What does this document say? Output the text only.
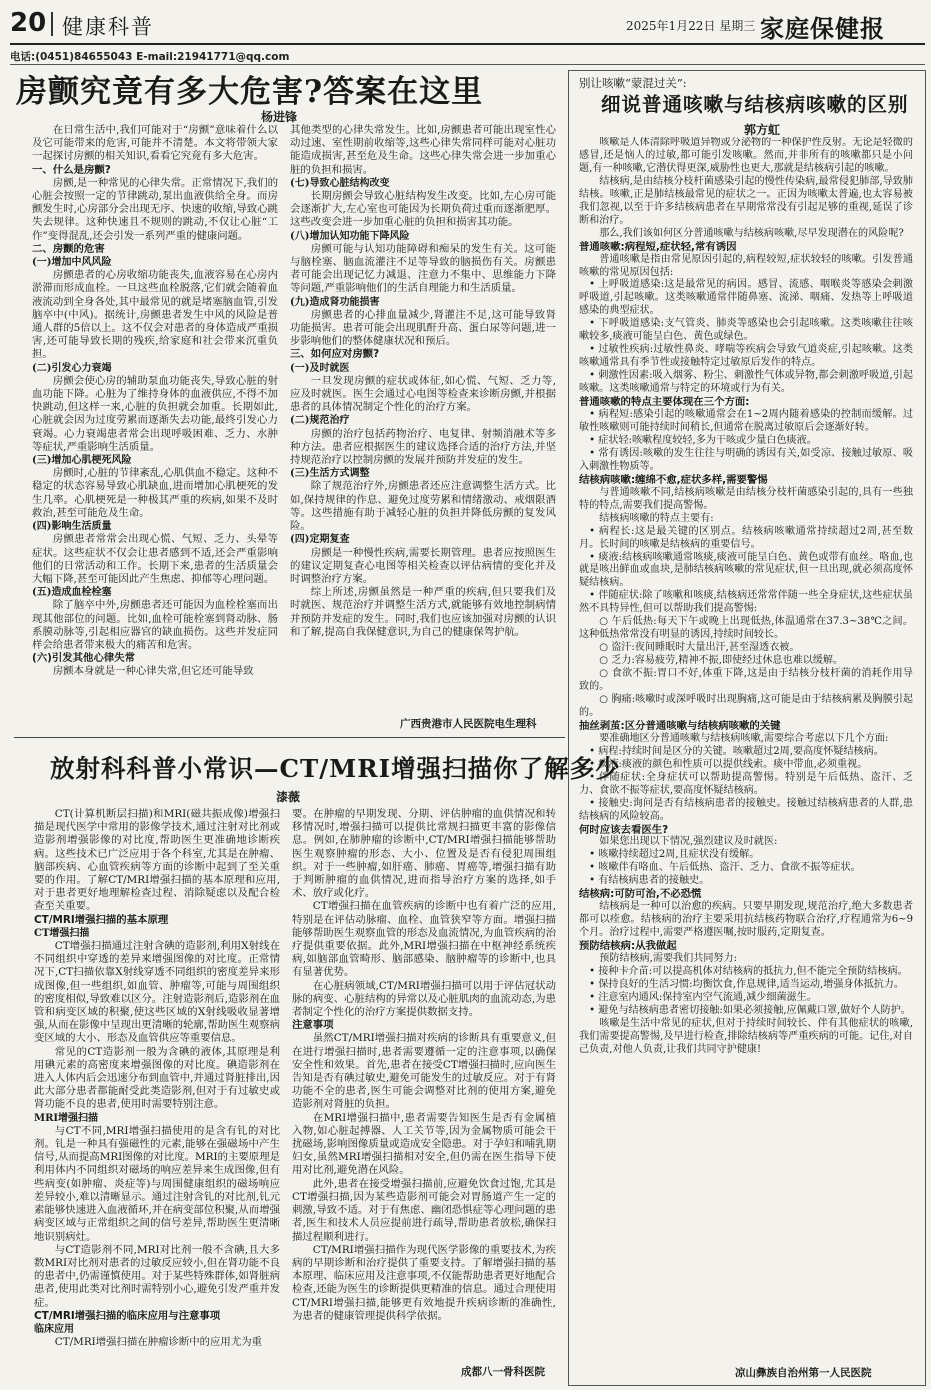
20 健康科普	2025年1月22日 星期三 家庭保健报
电话:(0451)84655043 E-mail:21941771@qq.com
房颤究竟有多大危害?答案在这里
杨进锋

在日常生活中,我们可能对于“房颤”意味着什么以及它可能带来的危害,可能并不清楚。本文将带领大家一起探讨房颤的相关知识,看看它究竟有多大危害。

一、什么是房颤?

房颤,是一种常见的心律失常。正常情况下,我们的心脏会按照一定的节律跳动,泵出血液供给全身。而房颤发生时,心房部分会出现无序、快速的收缩,导致心跳失去规律。这种快速且不规则的跳动,不仅让心脏“工作”变得混乱,还会引发一系列严重的健康问题。

二、房颤的危害

(一)增加中风风险

房颤患者的心房收缩功能丧失,血液容易在心房内淤滞而形成血栓。一旦这些血栓脱落,它们就会随着血液流动到全身各处,其中最常见的就是堵塞脑血管,引发脑卒中(中风)。据统计,房颤患者发生中风的风险是普通人群的5倍以上。这不仅会对患者的身体造成严重损害,还可能导致长期的残疾,给家庭和社会带来沉重负担。

(二)引发心力衰竭

房颤会使心房的辅助泵血功能丧失,导致心脏的射血功能下降。心脏为了维持身体的血液供应,不得不加快跳动,但这样一来,心脏的负担就会加重。长期如此,心脏就会因为过度劳累而逐渐失去功能,最终引发心力衰竭。心力衰竭患者常会出现呼吸困难、乏力、水肿等症状,严重影响生活质量。

(三)增加心肌梗死风险

房颤时,心脏的节律紊乱,心肌供血不稳定。这种不稳定的状态容易导致心肌缺血,进而增加心肌梗死的发生几率。心肌梗死是一种极其严重的疾病,如果不及时救治,甚至可能危及生命。

(四)影响生活质量

房颤患者常常会出现心慌、气短、乏力、头晕等症状。这些症状不仅会让患者感到不适,还会严重影响他们的日常活动和工作。长期下来,患者的生活质量会大幅下降,甚至可能因此产生焦虑、抑郁等心理问题。

(五)造成血栓栓塞

除了脑卒中外,房颤患者还可能因为血栓栓塞而出现其他部位的问题。比如,血栓可能栓塞到肾动脉、肠系膜动脉等,引起相应器官的缺血损伤。这些并发症同样会给患者带来极大的痛苦和危害。

(六)引发其他心律失常

房颤本身就是一种心律失常,但它还可能导致

其他类型的心律失常发生。比如,房颤患者可能出现室性心动过速、室性期前收缩等,这些心律失常同样可能对心脏功能造成损害,甚至危及生命。这些心律失常会进一步加重心脏的负担和损害。

(七)导致心脏结构改变

长期房颤会导致心脏结构发生改变。比如,左心房可能会逐渐扩大,左心室也可能因为长期负荷过重而逐渐肥厚。这些改变会进一步加重心脏的负担和损害其功能。

(八)增加认知功能下降风险

房颤可能与认知功能障碍和痴呆的发生有关。这可能与脑栓塞、脑血流灌注不足等导致的脑损伤有关。房颤患者可能会出现记忆力减退、注意力不集中、思维能力下降等问题,严重影响他们的生活自理能力和生活质量。

(九)造成肾功能损害

房颤患者的心排血量减少,肾灌注不足,这可能导致肾功能损害。患者可能会出现肌酐升高、蛋白尿等问题,进一步影响他们的整体健康状况和预后。

三、如何应对房颤?

(一)及时就医

一旦发现房颤的症状或体征,如心慌、气短、乏力等,应及时就医。医生会通过心电图等检查来诊断房颤,并根据患者的具体情况制定个性化的治疗方案。

(二)规范治疗

房颤的治疗包括药物治疗、电复律、射频消融术等多种方法。患者应根据医生的建议选择合适的治疗方法,并坚持规范治疗以控制房颤的发展并预防并发症的发生。

(三)生活方式调整

除了规范治疗外,房颤患者还应注意调整生活方式。比如,保持规律的作息、避免过度劳累和情绪激动、戒烟限酒等。这些措施有助于减轻心脏的负担并降低房颤的复发风险。

(四)定期复查

房颤是一种慢性疾病,需要长期管理。患者应按照医生的建议定期复查心电图等相关检查以评估病情的变化并及时调整治疗方案。

综上所述,房颤虽然是一种严重的疾病,但只要我们及时就医、规范治疗并调整生活方式,就能够有效地控制病情并预防并发症的发生。同时,我们也应该加强对房颤的认识和了解,提高自我保健意识,为自己的健康保驾护航。

广西贵港市人民医院电生理科
放射科科普小常识—CT/MRI增强扫描你了解多少
漆薇

CT(计算机断层扫描)和MRI(磁共振成像)增强扫描是现代医学中常用的影像学技术,通过注射对比剂或造影剂增强影像的对比度,帮助医生更准确地诊断疾病。这些技术已广泛应用于各个科室,尤其是在肿瘤、脑部疾病、心血管疾病等方面的诊断中起到了至关重要的作用。了解CT/MRI增强扫描的基本原理和应用,对于患者更好地理解检查过程、消除疑虑以及配合检查至关重要。

CT/MRI增强扫描的基本原理

CT增强扫描

CT增强扫描通过注射含碘的造影剂,利用X射线在不同组织中穿透的差异来增强图像的对比度。正常情况下,CT扫描依靠X射线穿透不同组织的密度差异来形成图像,但一些组织,如血管、肿瘤等,可能与周围组织的密度相似,导致难以区分。注射造影剂后,造影剂在血管和病变区域的积聚,使这些区域的X射线吸收显著增强,从而在影像中呈现出更清晰的轮廓,帮助医生观察病变区域的大小、形态及血管供应等重要信息。

常见的CT造影剂一般为含碘的液体,其原理是利用碘元素的高密度来增强图像的对比度。碘造影剂在进入人体内后会迅速分布到血管中,并通过肾脏排出,因此大部分患者都能耐受此类造影剂,但对于有过敏史或肾功能不良的患者,使用时需要特别注意。

MRI增强扫描

与CT不同,MRI增强扫描使用的是含有钆的对比剂。钆是一种具有强磁性的元素,能够在强磁场中产生信号,从而提高MRI图像的对比度。MRI的主要原理是利用体内不同组织对磁场的响应差异来生成图像,但有些病变(如肿瘤、炎症等)与周围健康组织的磁场响应差异较小,难以清晰显示。通过注射含钆的对比剂,钆元素能够快速进入血液循环,并在病变部位积聚,从而增强病变区域与正常组织之间的信号差异,帮助医生更清晰地识别病灶。

与CT造影剂不同,MRI对比剂一般不含碘,且大多数MRI对比剂对患者的过敏反应较小,但在肾功能不良的患者中,仍需谨慎使用。对于某些特殊群体,如肾脏病患者,使用此类对比剂时需特别小心,避免引发严重并发症。

CT/MRI增强扫描的临床应用与注意事项

临床应用

CT/MRI增强扫描在肿瘤诊断中的应用尤为重

要。在肿瘤的早期发现、分期、评估肿瘤的血供情况和转移情况时,增强扫描可以提供比常规扫描更丰富的影像信息。例如,在肺肿瘤的诊断中,CT/MRI增强扫描能够帮助医生观察肿瘤的形态、大小、位置及是否有侵犯周围组织。对于一些肿瘤,如肝癌、肺癌、胃癌等,增强扫描有助于判断肿瘤的血供情况,进而指导治疗方案的选择,如手术、放疗或化疗。

CT增强扫描在血管疾病的诊断中也有着广泛的应用,特别是在评估动脉瘤、血栓、血管狭窄等方面。增强扫描能够帮助医生观察血管的形态及血流情况,为血管疾病的治疗提供重要依据。此外,MRI增强扫描在中枢神经系统疾病,如脑部血管畸形、脑部感染、脑肿瘤等的诊断中,也具有显著优势。

在心脏病领域,CT/MRI增强扫描可以用于评估冠状动脉的病变、心脏结构的异常以及心脏肌肉的血流动态,为患者制定个性化的治疗方案提供数据支持。

注意事项

虽然CT/MRI增强扫描对疾病的诊断具有重要意义,但在进行增强扫描时,患者需要遵循一定的注意事项,以确保安全性和效果。首先,患者在接受CT增强扫描时,应向医生告知是否有碘过敏史,避免可能发生的过敏反应。对于有肾功能不全的患者,医生可能会调整对比剂的使用方案,避免造影剂对肾脏的负担。

在MRI增强扫描中,患者需要告知医生是否有金属植入物,如心脏起搏器、人工关节等,因为金属物质可能会干扰磁场,影响图像质量或造成安全隐患。对于孕妇和哺乳期妇女,虽然MRI增强扫描相对安全,但仍需在医生指导下使用对比剂,避免潜在风险。

此外,患者在接受增强扫描前,应避免饮食过饱,尤其是CT增强扫描,因为某些造影剂可能会对胃肠道产生一定的刺激,导致不适。对于有焦虑、幽闭恐惧症等心理问题的患者,医生和技术人员应提前进行疏导,帮助患者放松,确保扫描过程顺利进行。

CT/MRI增强扫描作为现代医学影像的重要技术,为疾病的早期诊断和治疗提供了重要支持。了解增强扫描的基本原理、临床应用及注意事项,不仅能帮助患者更好地配合检查,还能为医生的诊断提供更精准的信息。通过合理使用CT/MRI增强扫描,能够更有效地提升疾病诊断的准确性,为患者的健康管理提供科学依据。

成都八一骨科医院
别让咳嗽“蒙混过关”:
细说普通咳嗽与结核病咳嗽的区别
郭方虹

咳嗽是人体清除呼吸道异物或分泌物的一种保护性反射。无论是轻微的感冒,还是恼人的过敏,都可能引发咳嗽。然而,并非所有的咳嗽都只是小问题,有一种咳嗽,它潜伏得更深,威胁性也更大,那就是结核病引起的咳嗽。

结核病,是由结核分枝杆菌感染引起的慢性传染病,最常侵犯肺部,导致肺结核。咳嗽,正是肺结核最常见的症状之一。正因为咳嗽太普遍,也太容易被我们忽视,以至于许多结核病患者在早期常常没有引起足够的重视,延误了诊断和治疗。

那么,我们该如何区分普通咳嗽与结核病咳嗽,尽早发现潜在的风险呢?

普通咳嗽:病程短,症状轻,常有诱因

普通咳嗽是指由常见原因引起的,病程较短,症状较轻的咳嗽。引发普通咳嗽的常见原因包括:

• 上呼吸道感染:这是最常见的病因。感冒、流感、咽喉炎等感染会刺激呼吸道,引起咳嗽。这类咳嗽通常伴随鼻塞、流涕、咽痛、发热等上呼吸道感染的典型症状。

• 下呼吸道感染:支气管炎、肺炎等感染也会引起咳嗽。这类咳嗽往往咳嗽较多,痰液可能呈白色、黄色或绿色。

• 过敏性疾病:过敏性鼻炎、哮喘等疾病会导致气道炎症,引起咳嗽。这类咳嗽通常具有季节性或接触特定过敏原后发作的特点。

• 刺激性因素:吸入烟雾、粉尘、刺激性气体或异物,都会刺激呼吸道,引起咳嗽。这类咳嗽通常与特定的环境或行为有关。

普通咳嗽的特点主要体现在三个方面:

• 病程短:感染引起的咳嗽通常会在1~2周内随着感染的控制而缓解。过敏性咳嗽则可能持续时间稍长,但通常在脱离过敏原后会逐渐好转。

• 症状轻:咳嗽程度较轻,多为干咳或少量白色痰液。

• 常有诱因:咳嗽的发生往往与明确的诱因有关,如受凉、接触过敏原、吸入刺激性物质等。

结核病咳嗽:缠绵不愈,症状多样,需要警惕

与普通咳嗽不同,结核病咳嗽是由结核分枝杆菌感染引起的,具有一些独特的特点,需要我们提高警惕。

结核病咳嗽的特点主要有:

• 病程长:这是最关键的区别点。结核病咳嗽通常持续超过2周,甚至数月。长时间的咳嗽是结核病的重要信号。

• 痰液:结核病咳嗽通常咳痰,痰液可能呈白色、黄色或带有血丝。咯血,也就是咳出鲜血或血块,是肺结核病咳嗽的常见症状,但一旦出现,就必须高度怀疑结核病。

• 伴随症状:除了咳嗽和咳痰,结核病还常常伴随一些全身症状,这些症状虽然不具特异性,但可以帮助我们提高警惕:

○ 午后低热:每天下午或晚上出现低热,体温通常在37.3~38℃之间。这种低热常常没有明显的诱因,持续时间较长。

○ 盗汗:夜间睡眠时大量出汗,甚至湿透衣被。

○ 乏力:容易疲劳,精神不振,即使经过休息也难以缓解。

○ 食欲不振:胃口不好,体重下降,这是由于结核分枝杆菌的消耗作用导致的。

○ 胸痛:咳嗽时或深呼吸时出现胸痛,这可能是由于结核病累及胸膜引起的。

抽丝剥茧:区分普通咳嗽与结核病咳嗽的关键

要准确地区分普通咳嗽与结核病咳嗽,需要综合考虑以下几个方面:

• 病程:持续时间是区分的关键。咳嗽超过2周,要高度怀疑结核病。

• 痰液:痰液的颜色和性质可以提供线索。痰中带血,必须重视。

• 伴随症状:全身症状可以帮助提高警惕。特别是午后低热、盗汗、乏力、食欲不振等症状,要高度怀疑结核病。

• 接触史:询问是否有结核病患者的接触史。接触过结核病患者的人群,患结核病的风险较高。

何时应该去看医生?

如果您出现以下情况,强烈建议及时就医:

• 咳嗽持续超过2周,且症状没有缓解。

• 咳嗽伴有咯血、午后低热、盗汗、乏力、食欲不振等症状。

• 有结核病患者的接触史。

结核病:可防可治,不必恐慌

结核病是一种可以治愈的疾病。只要早期发现,规范治疗,绝大多数患者都可以痊愈。结核病的治疗主要采用抗结核药物联合治疗,疗程通常为6~9个月。治疗过程中,需要严格遵医嘱,按时服药,定期复查。

预防结核病:从我做起

预防结核病,需要我们共同努力:

• 接种卡介苗:可以提高机体对结核病的抵抗力,但不能完全预防结核病。

• 保持良好的生活习惯:均衡饮食,作息规律,适当运动,增强身体抵抗力。

• 注意室内通风:保持室内空气流通,减少细菌滋生。

• 避免与结核病患者密切接触:如果必须接触,应佩戴口罩,做好个人防护。

咳嗽是生活中常见的症状,但对于持续时间较长、伴有其他症状的咳嗽,我们需要提高警惕,及早进行检查,排除结核病等严重疾病的可能。记住,对自己负责,对他人负责,让我们共同守护健康!

凉山彝族自治州第一人民医院
